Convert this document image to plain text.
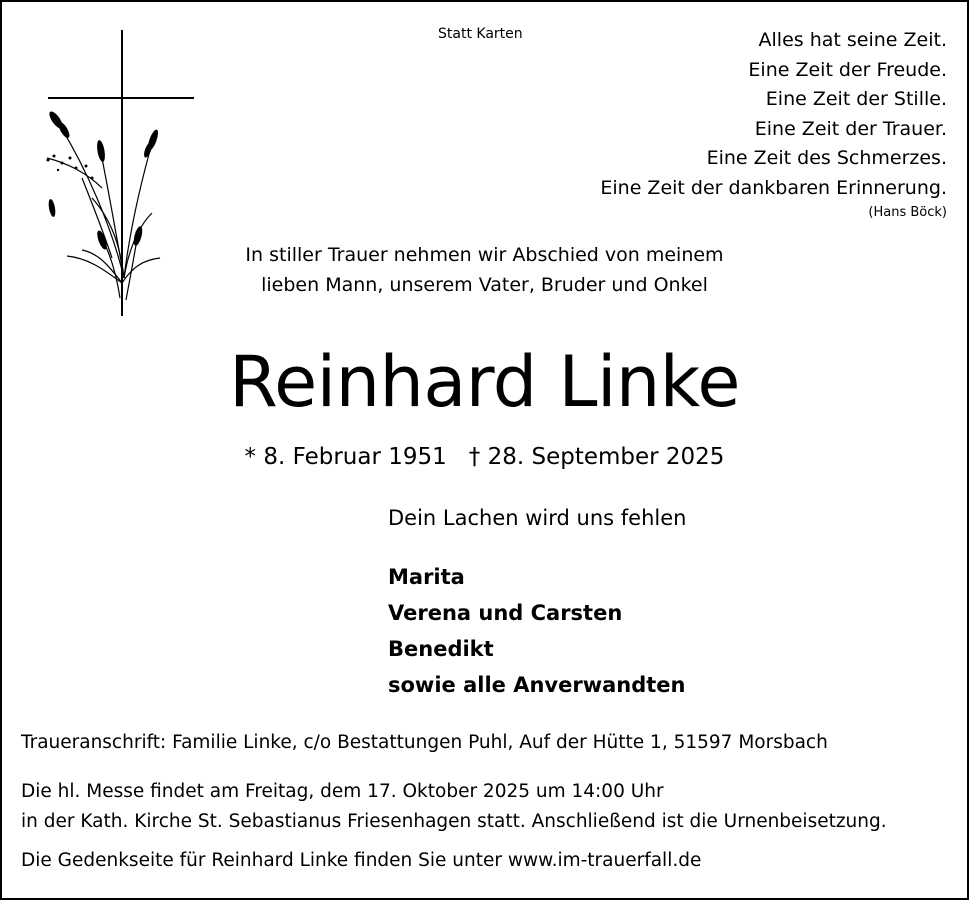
Statt Karten	Alles hat seine Zeit.
Eine Zeit der Freude.
Eine Zeit der Stille.
Eine Zeit der Trauer.
Eine Zeit des Schmerzes.
Eine Zeit der dankbaren Erinnerung.
(Hans Böck)
In stiller Trauer nehmen wir Abschied von meinem
lieben Mann, unserem Vater, Bruder und Onkel
Reinhard Linke
* 8. Februar 1951 † 28. September 2025
Dein Lachen wird uns fehlen
Marita
Verena und Carsten
Benedikt
sowie alle Anverwandten
Traueranschrift: Familie Linke, c/o Bestattungen Puhl, Auf der Hütte 1, 51597 Morsbach
Die hl. Messe findet am Freitag, dem 17. Oktober 2025 um 14:00 Uhr
in der Kath. Kirche St. Sebastianus Friesenhagen statt. Anschließend ist die Urnenbeisetzung.
Die Gedenkseite für Reinhard Linke finden Sie unter www.im-trauerfall.de
